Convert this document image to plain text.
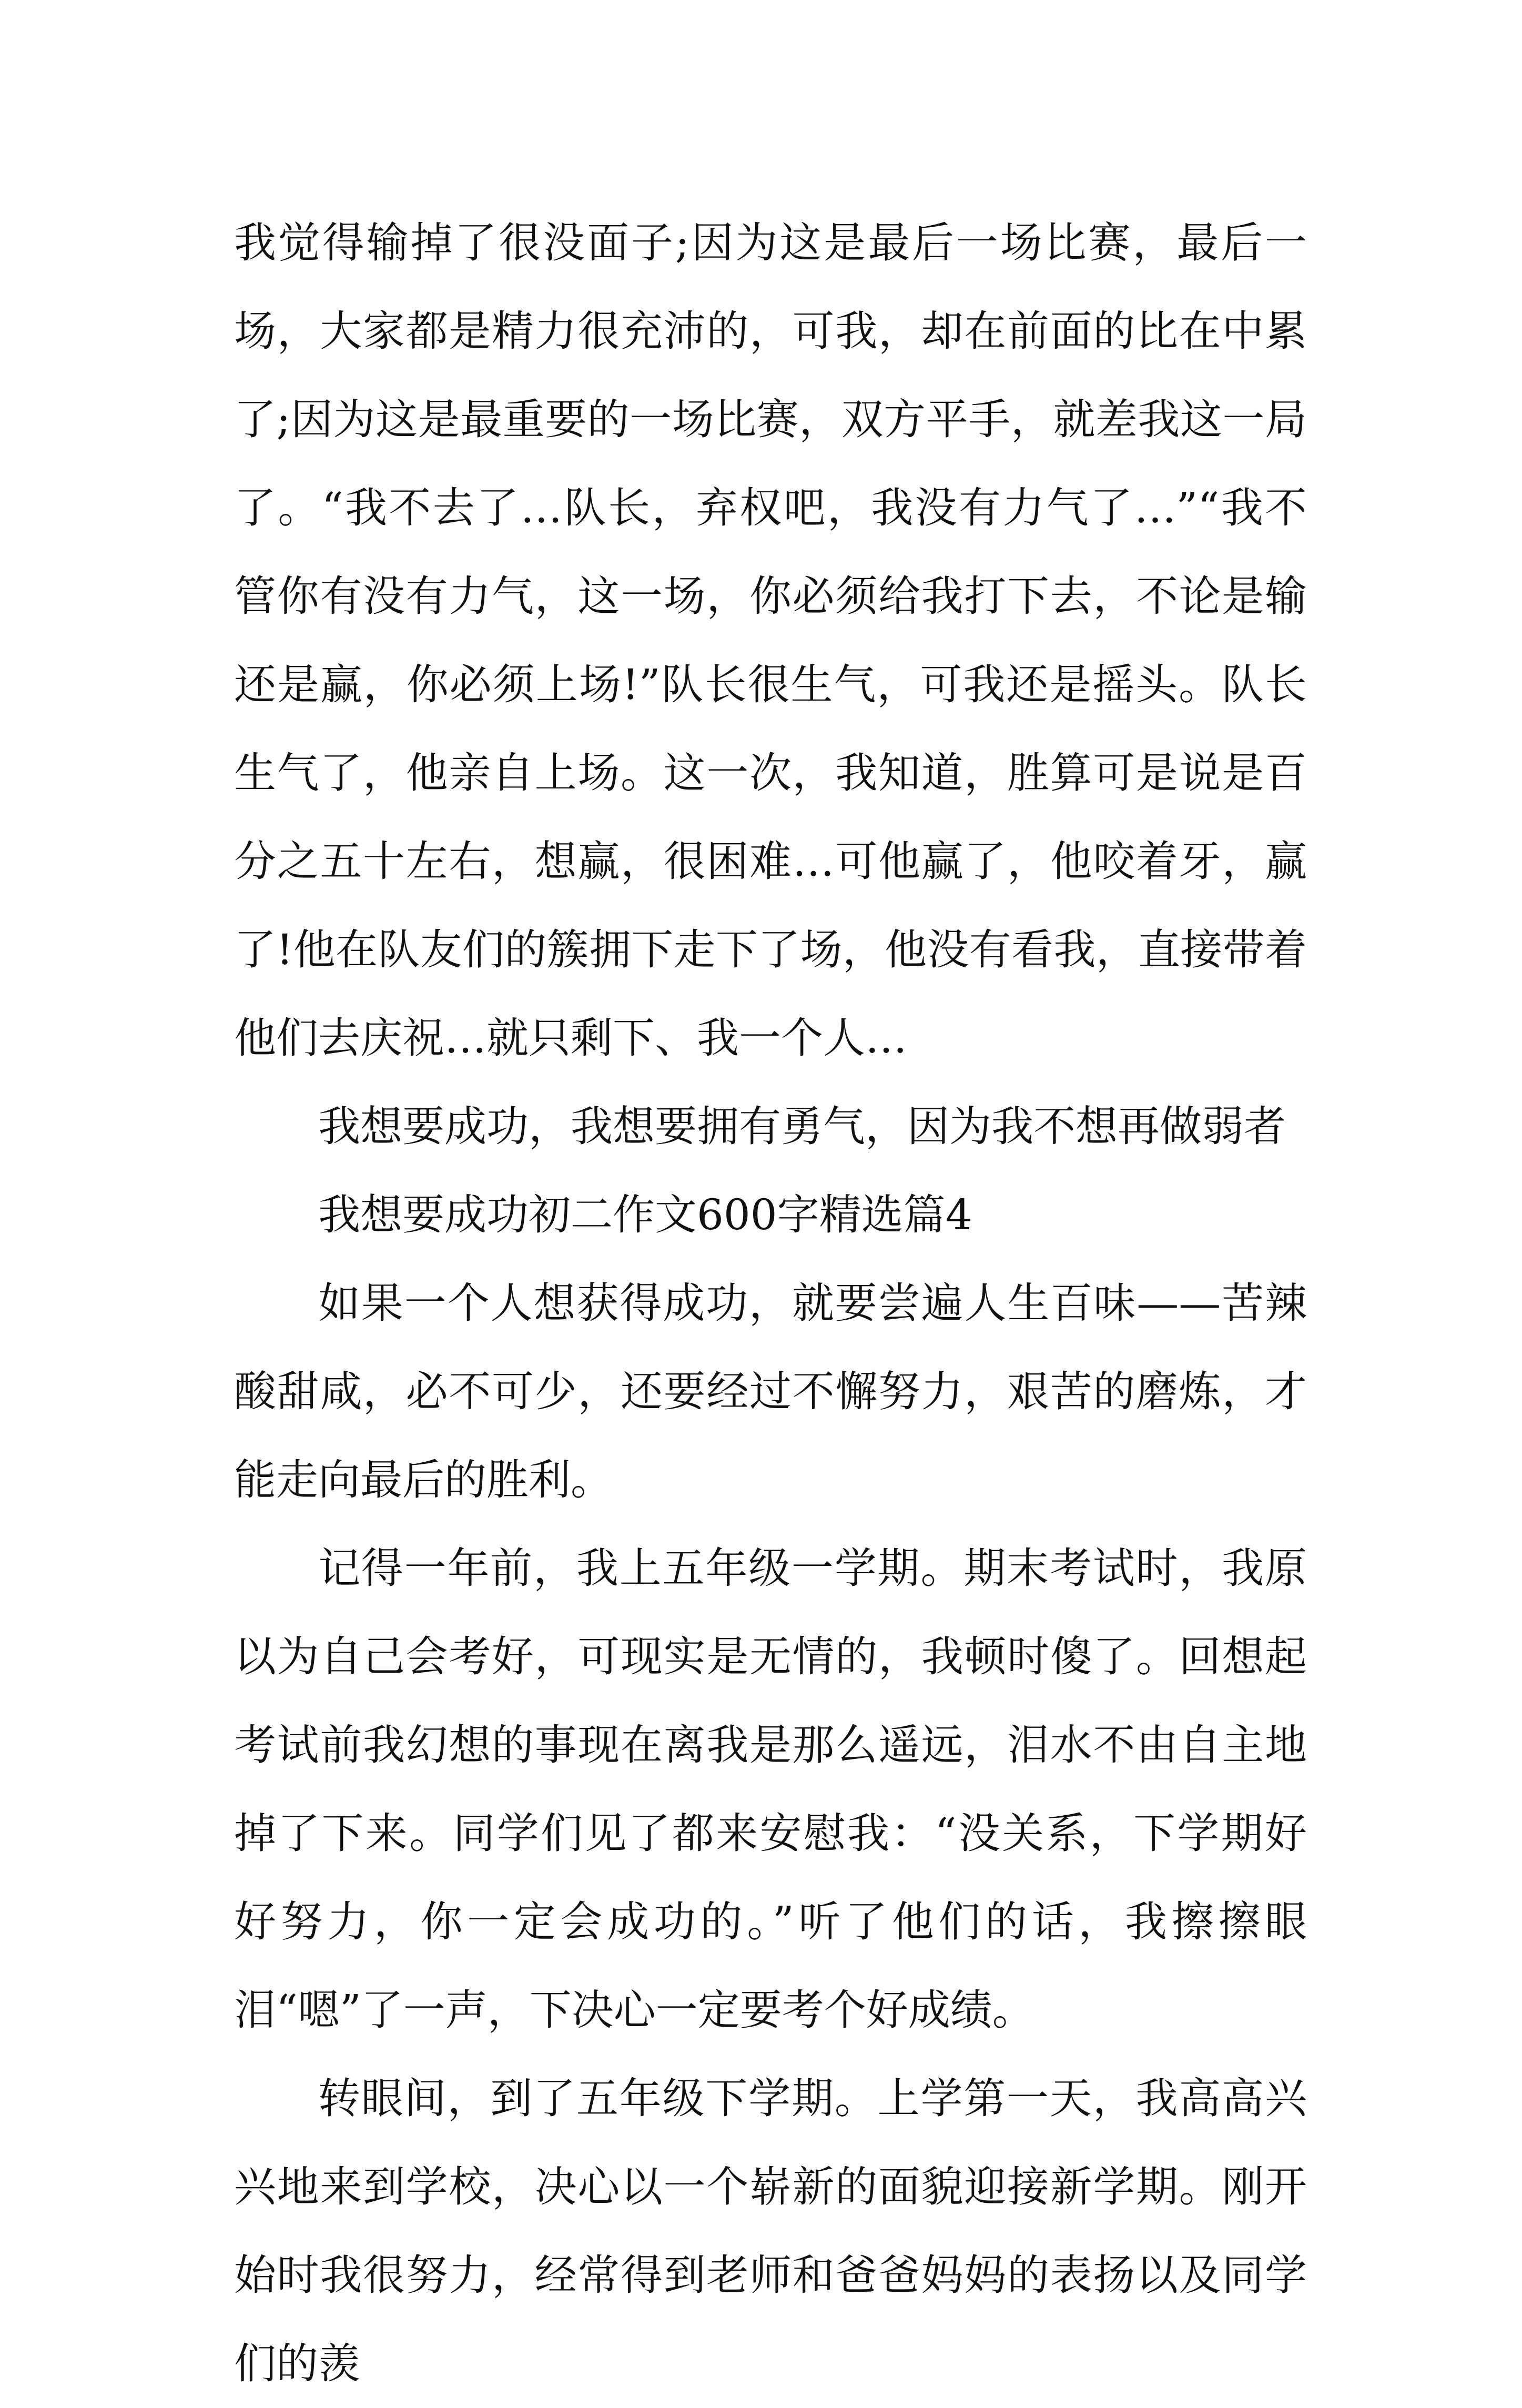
我觉得输掉了很没面子;因为这是最后一场比赛，最后一场，大家都是精力很充沛的，可我，却在前面的比在中累了;因为这是最重要的一场比赛，双方平手，就差我这一局了。“我不去了…队长，弃权吧，我没有力气了…”“我不管你有没有力气，这一场，你必须给我打下去，不论是输还是赢，你必须上场!”队长很生气，可我还是摇头。队长生气了，他亲自上场。这一次，我知道，胜算可是说是百分之五十左右，想赢，很困难…可他赢了，他咬着牙，赢了!他在队友们的簇拥下走下了场，他没有看我，直接带着他们去庆祝…就只剩下、我一个人…

我想要成功，我想要拥有勇气，因为我不想再做弱者

我想要成功初二作文600字精选篇4

如果一个人想获得成功，就要尝遍人生百味——苦辣酸甜咸，必不可少，还要经过不懈努力，艰苦的磨炼，才能走向最后的胜利。

记得一年前，我上五年级一学期。期末考试时，我原以为自己会考好，可现实是无情的，我顿时傻了。回想起考试前我幻想的事现在离我是那么遥远，泪水不由自主地掉了下来。同学们见了都来安慰我：“没关系，下学期好好努力，你一定会成功的。”听了他们的话，我擦擦眼泪“嗯”了一声，下决心一定要考个好成绩。

转眼间，到了五年级下学期。上学第一天，我高高兴兴地来到学校，决心以一个崭新的面貌迎接新学期。刚开始时我很努力，经常得到老师和爸爸妈妈的表扬以及同学们的羡
